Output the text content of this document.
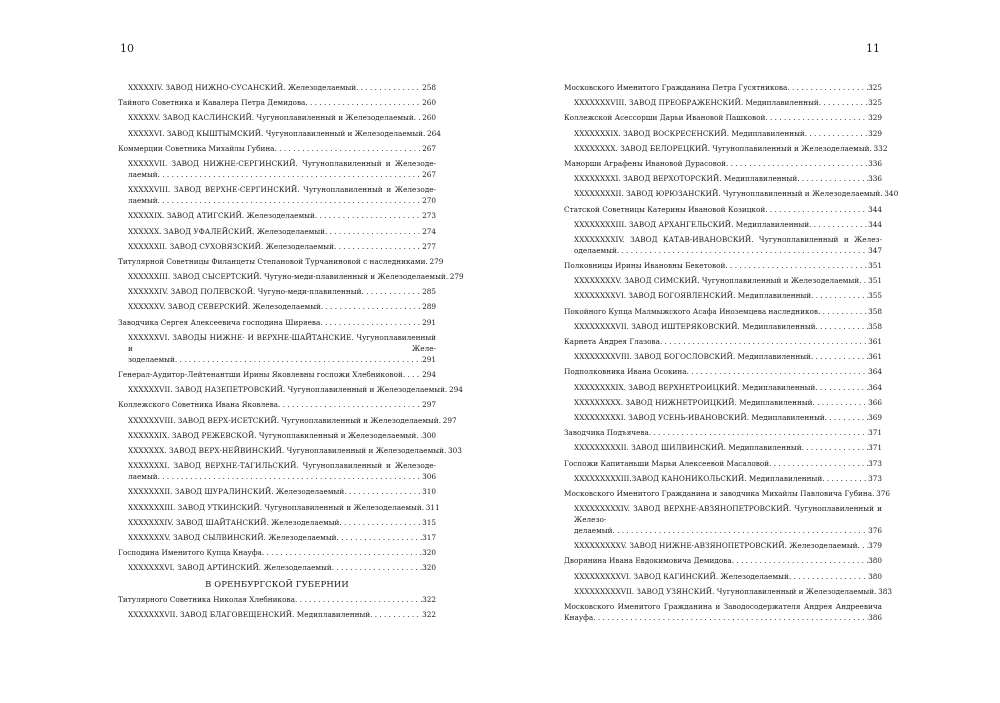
10
XXXXXIV. ЗАВОД НИЖНО-СУСАНСКИЙ. Железоделаемый . . .	258
Тайного Советника и Кавалера Петра Демидова . . .	260
XXXXXV. ЗАВОД КАСЛИНСКИЙ. Чугуноплавиленный и Железоделаемый . . . 260
XXXXXVI. ЗАВОД КЫШТЫМСКИЙ. Чугуноплавиленный и Железоделаемый . . . 264
Коммерции Советника Михайлы Губина . . .	267
XXXXXVII. ЗАВОД НИЖНЕ-СЕРГИНСКИЙ. Чугуноплавиленный и Железоде-
лаемый . . .	267
XXXXXVIII. ЗАВОД ВЕРХНЕ-СЕРГИНСКИЙ. Чугуноплавиленный и Железоде-
лаемый . . .	270
XXXXXIX. ЗАВОД АТИГСКИЙ. Железоделаемый . . .	273
XXXXXX. ЗАВОД УФАЛЕЙСКИЙ. Железоделаемый . . .	274
XXXXXXII. ЗАВОД СУХОВЯЗСКИЙ. Железоделаемый . . .	277
Титулярной Советницы Филанцеты Степановой Турчаниновой с наследниками . . . 279
XXXXXXIII. ЗАВОД СЫСЕРТСКИЙ. Чугуно-меди-плавиленный и Железоделаемый . . . 279
XXXXXXIV. ЗАВОД ПОЛЕВСКОЙ. Чугуно-меди-плавиленный . . .	285
XXXXXXV. ЗАВОД СЕВЕРСКИЙ. Железоделаемый . . .	289
Заводчика Сергея Алексеевича господина Ширяева . . .	291
XXXXXXVI. ЗАВОДЫ НИЖНЕ- И ВЕРХНЕ-ШАЙТАНСКИЕ. Чугуноплавиленный и Желе-
зоделаемый . . .	291
Генерал-Аудитор-Лейтенантши Ирины Яковлевны госпожи Хлебниковой . . .	294
XXXXXXVII. ЗАВОД НАЗЕПЕТРОВСКИЙ. Чугуноплавиленный и Железоделаемый . . . 294
Коллежского Советника Ивана Яковлева . . .	297
XXXXXXVIII. ЗАВОД ВЕРХ-ИСЕТСКИЙ. Чугуноплавиленный и Железоделаемый . . . 297
XXXXXXIX. ЗАВОД РЕЖЕВСКОЙ. Чугуноплавиленный и Железоделаемый . . . 300
XXXXXXX. ЗАВОД ВЕРХ-НЕЙВИНСКИЙ. Чугуноплавиленный и Железоделаемый . . . 303
XXXXXXXI. ЗАВОД ВЕРХНЕ-ТАГИЛЬСКИЙ. Чугуноплавиленный и Железоде-
лаемый . . .	306
XXXXXXXII. ЗАВОД ШУРАЛИНСКИЙ. Железоделаемый . . .	310
XXXXXXXIII. ЗАВОД УТКИНСКИЙ. Чугуноплавиленный и Железоделаемый . . . 311
XXXXXXXIV. ЗАВОД ШАЙТАНСКИЙ. Железоделаемый . . .	315
XXXXXXXV. ЗАВОД СЫЛВИНСКИЙ. Железоделаемый . . .	317
Господина Именитого Купца Кнауфа . . .	320
XXXXXXXVI. ЗАВОД АРТИНСКИЙ. Железоделаемый . . .	320
В ОРЕНБУРГСКОЙ ГУБЕРНИИ
Титулярного Советника Николая Хлебникова . . .	322
XXXXXXXVII. ЗАВОД БЛАГОВЕЩЕНСКИЙ. Медиплавиленный . . .	322
11
Московского Именитого Гражданина Петра Гусятникова . . .	325
XXXXXXXVIII. ЗАВОД ПРЕОБРАЖЕНСКИЙ. Медиплавиленный . . .	325
Коллежской Асессорши Дарьи Ивановой Пашковой . . .	329
XXXXXXXIX. ЗАВОД ВОСКРЕСЕНСКИЙ. Медиплавиленный . . .	329
XXXXXXXX. ЗАВОД БЕЛОРЕЦКИЙ. Чугуноплавиленный и Железоделаемый . . . 332
Манорши Аграфены Ивановой Дурасовой . . .	336
XXXXXXXXI. ЗАВОД ВЕРХОТОРСКИЙ. Медиплавиленный . . .	336
XXXXXXXXII. ЗАВОД ЮРЮЗАНСКИЙ. Чугуноплавиленный и Железоделаемый . . . 340
Статской Советницы Катерины Ивановой Козицкой . . .	344
XXXXXXXXIII. ЗАВОД АРХАНГЕЛЬСКИЙ. Медиплавиленный . . .	344
XXXXXXXXIV. ЗАВОД КАТАВ-ИВАНОВСКИЙ. Чугуноплавиленный и Желез-
оделаемый . . .	347
Полковницы Ирины Ивановны Бекетовой . . .	351
XXXXXXXXV. ЗАВОД СИМСКИЙ. Чугуноплавиленный и Железоделаемый . . . 351
XXXXXXXXVI. ЗАВОД БОГОЯВЛЕНСКИЙ. Медиплавиленный . . .	355
Покойного Купца Малмыжского Асафа Иноземцева наследников . . .	358
XXXXXXXXVII. ЗАВОД ИШТЕРЯКОВСКИЙ. Медиплавиленный . . .	358
Карнета Андрея Глазова . . .	361
XXXXXXXXVIII. ЗАВОД БОГОСЛОВСКИЙ. Медиплавиленный . . .	361
Подполковника Ивана Осокина . . .	364
XXXXXXXXIX. ЗАВОД ВЕРХНЕТРОИЦКИЙ. Медиплавиленный . . .	364
XXXXXXXXX. ЗАВОД НИЖНЕТРОИЦКИЙ. Медиплавиленный . . .	366
XXXXXXXXXI. ЗАВОД УСЕНЬ-ИВАНОВСКИЙ. Медиплавиленный . . .	369
Заводчика Подъячева . . .	371
XXXXXXXXXII. ЗАВОД ШИЛВИНСКИЙ. Медиплавиленный . . .	371
Госпожи Капитаньши Марьи Алексеевой Масаловой . . .	373
XXXXXXXXXIII.ЗАВОД КАНОНИКОЛЬСКИЙ. Медиплавиленный . . .	373
Московского Именитого Гражданина и заводчика Михайлы Павловича Губина . . . 376
XXXXXXXXXIV. ЗАВОД ВЕРХНЕ-АВЗЯНОПЕТРОВСКИЙ. Чугуноплавиленный и Железо-
делаемый . . .	376
XXXXXXXXXV. ЗАВОД НИЖНЕ-АВЗЯНОПЕТРОВСКИЙ. Железоделаемый . . . 379
Дворянина Ивана Евдокимовича Демидова . . .	380
XXXXXXXXXVI. ЗАВОД КАГИНСКИЙ. Железоделаемый . . .	380
XXXXXXXXXVII. ЗАВОД УЗЯНСКИЙ. Чугуноплавиленный и Железоделаемый . . . 383
Московского Именитого Гражданина и Заводосодержателя Андрея Андреевича
Кнауфа . . .	386
